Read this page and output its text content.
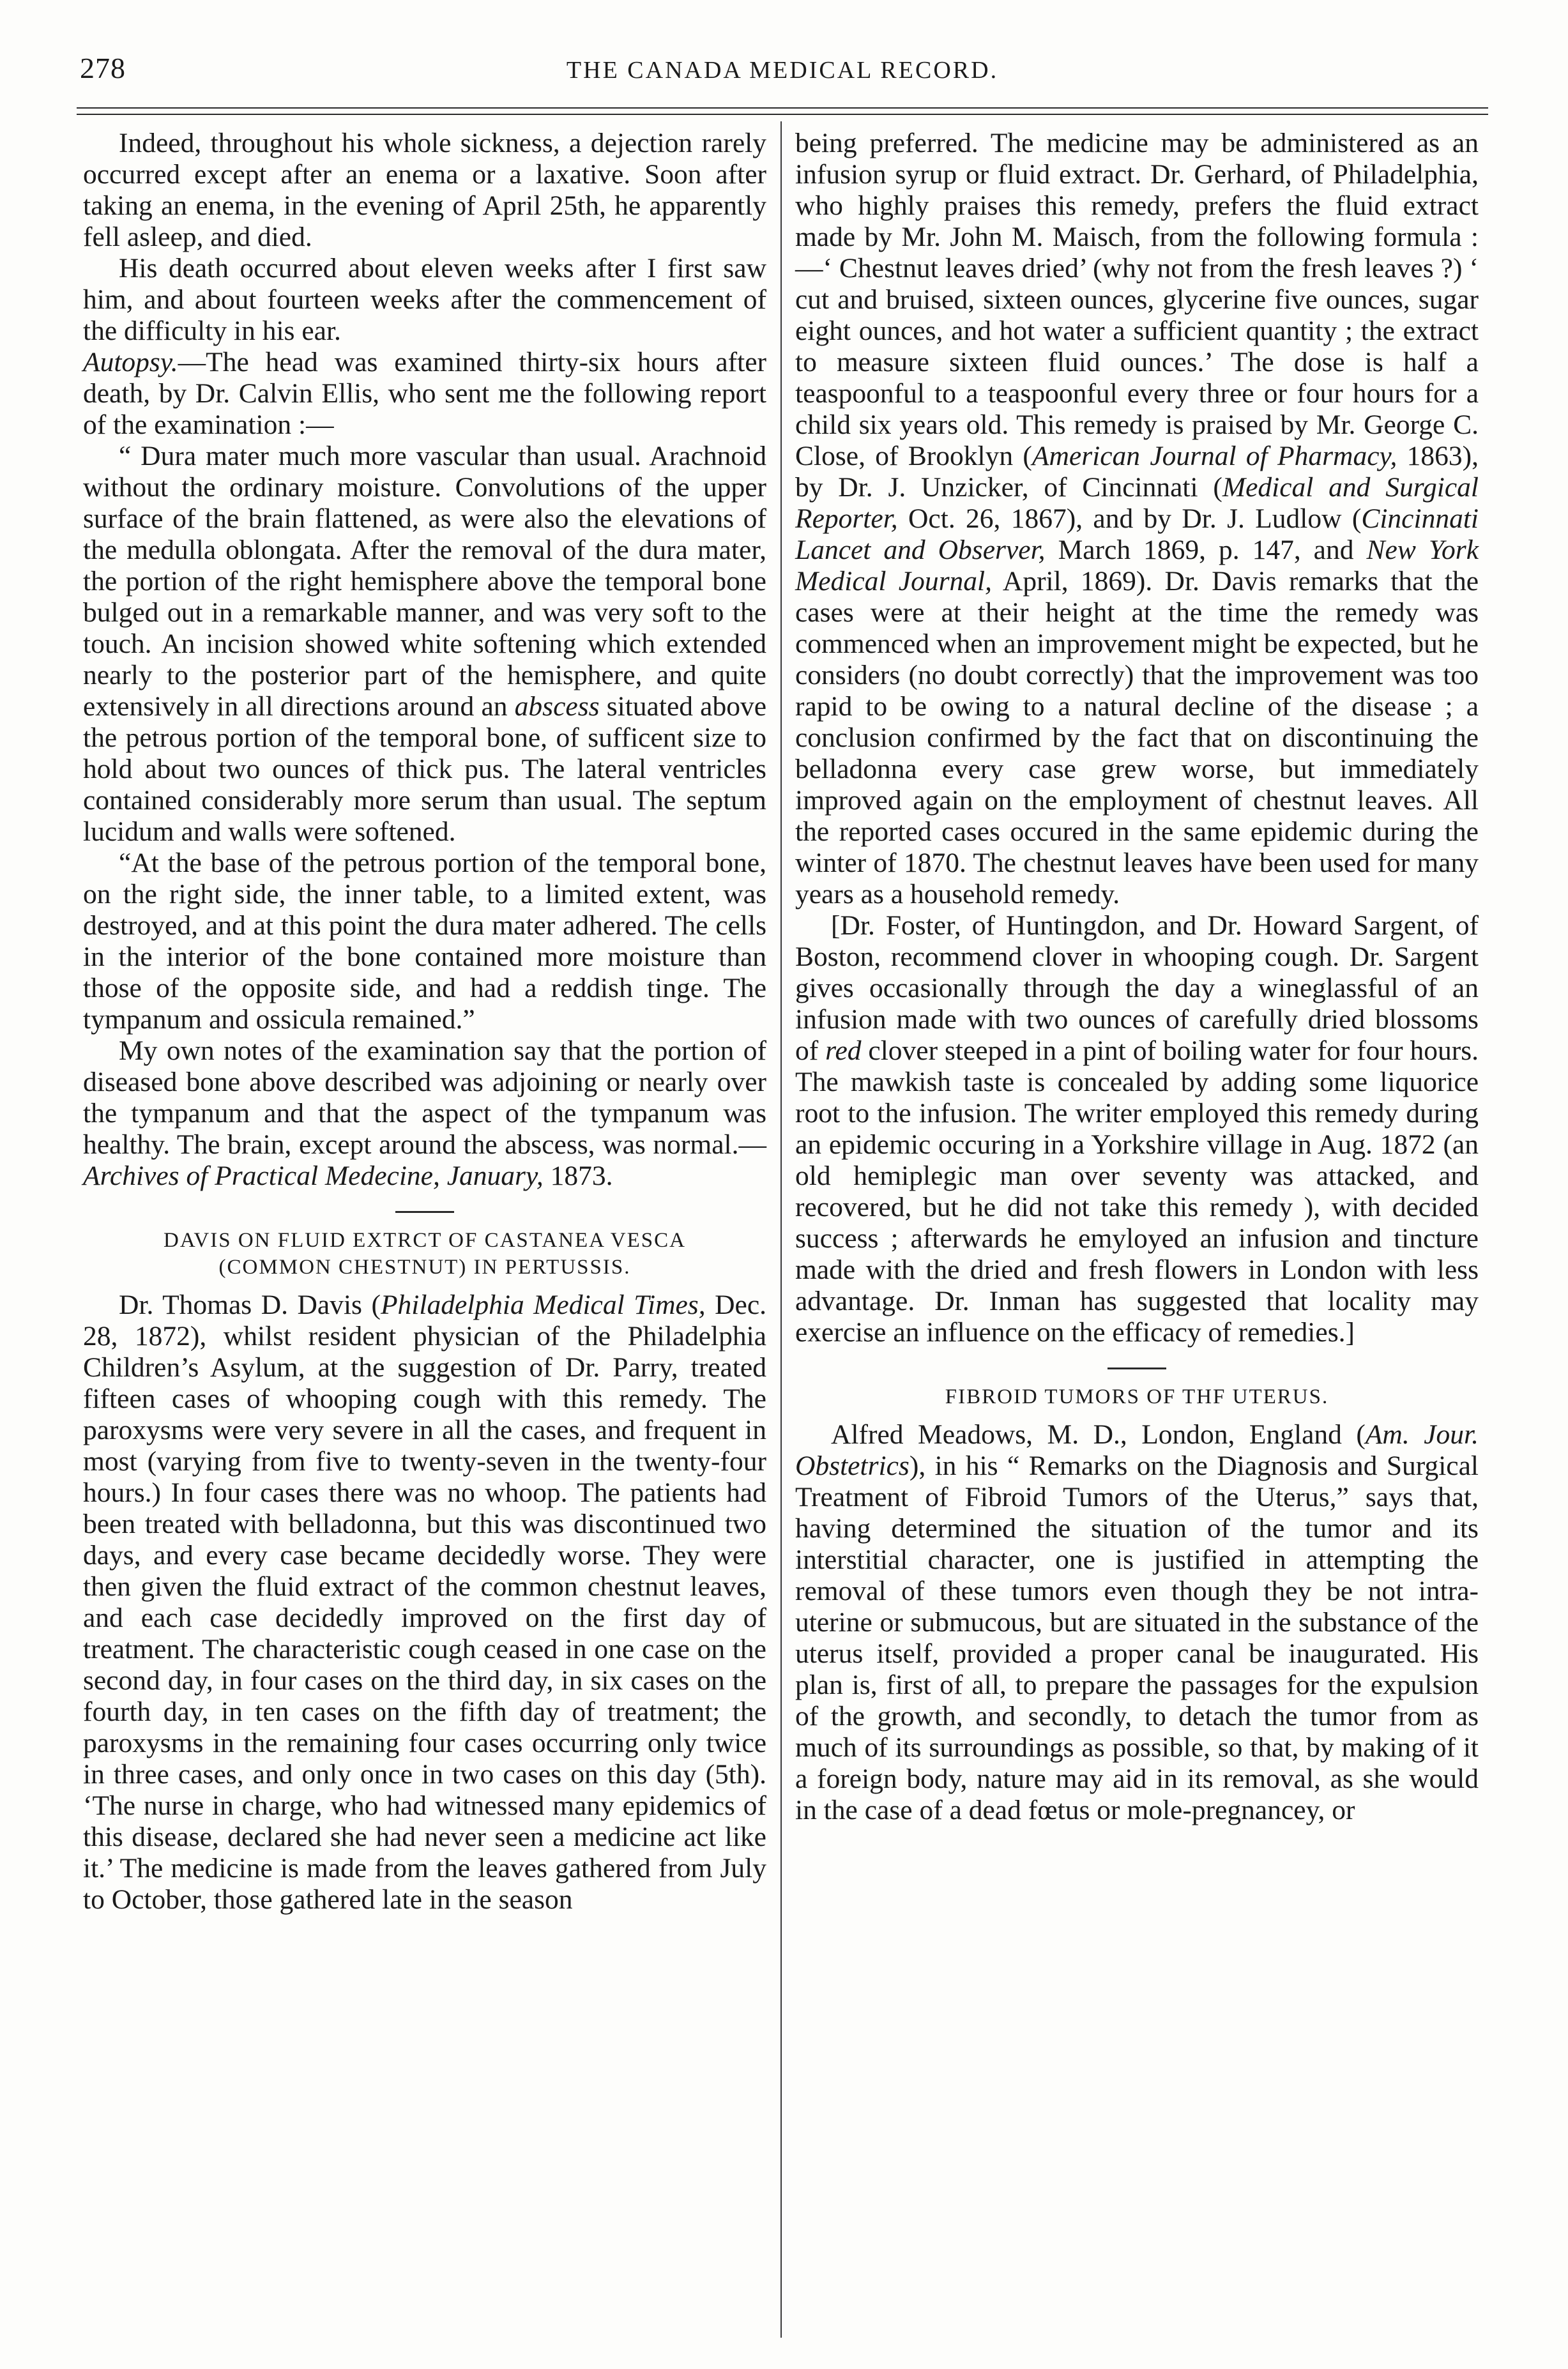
278	THE CANADA MEDICAL RECORD.

Indeed, throughout his whole sickness, a dejection rarely occurred except after an enema or a laxative. Soon after taking an enema, in the evening of April 25th, he apparently fell asleep, and died.

His death occurred about eleven weeks after I first saw him, and about fourteen weeks after the commencement of the difficulty in his ear.

Autopsy.—The head was examined thirty-six hours after death, by Dr. Calvin Ellis, who sent me the following report of the examination :—

“ Dura mater much more vascular than usual. Arachnoid without the ordinary moisture. Convolutions of the upper surface of the brain flattened, as were also the elevations of the medulla oblongata. After the removal of the dura mater, the portion of the right hemisphere above the temporal bone bulged out in a remarkable manner, and was very soft to the touch. An incision showed white softening which extended nearly to the posterior part of the hemisphere, and quite extensively in all directions around an abscess situated above the petrous portion of the temporal bone, of sufficent size to hold about two ounces of thick pus. The lateral ventricles contained considerably more serum than usual. The septum lucidum and walls were softened.

“At the base of the petrous portion of the temporal bone, on the right side, the inner table, to a limited extent, was destroyed, and at this point the dura mater adhered. The cells in the interior of the bone contained more moisture than those of the opposite side, and had a reddish tinge. The tympanum and ossicula remained.”

My own notes of the examination say that the portion of diseased bone above described was adjoining or nearly over the tympanum and that the aspect of the tympanum was healthy. The brain, except around the abscess, was normal.—Archives of Practical Medecine, January, 1873.

DAVIS ON FLUID EXTRCT OF CASTANEA VESCA
(COMMON CHESTNUT) IN PERTUSSIS.

Dr. Thomas D. Davis (Philadelphia Medical Times, Dec. 28, 1872), whilst resident physician of the Philadelphia Children’s Asylum, at the suggestion of Dr. Parry, treated fifteen cases of whooping cough with this remedy. The paroxysms were very severe in all the cases, and frequent in most (varying from five to twenty-seven in the twenty-four hours.) In four cases there was no whoop. The patients had been treated with belladonna, but this was discontinued two days, and every case became decidedly worse. They were then given the fluid extract of the common chestnut leaves, and each case decidedly improved on the first day of treatment. The characteristic cough ceased in one case on the second day, in four cases on the third day, in six cases on the fourth day, in ten cases on the fifth day of treatment; the paroxysms in the remaining four cases occurring only twice in three cases, and only once in two cases on this day (5th). ‘The nurse in charge, who had witnessed many epidemics of this disease, declared she had never seen a medicine act like it.’ The medicine is made from the leaves gathered from July to October, those gathered late in the season

being preferred. The medicine may be administered as an infusion syrup or fluid extract. Dr. Gerhard, of Philadelphia, who highly praises this remedy, prefers the fluid extract made by Mr. John M. Maisch, from the following formula :—‘ Chestnut leaves dried’ (why not from the fresh leaves ?) ‘ cut and bruised, sixteen ounces, glycerine five ounces, sugar eight ounces, and hot water a sufficient quantity ; the extract to measure sixteen fluid ounces.’ The dose is half a teaspoonful to a teaspoonful every three or four hours for a child six years old. This remedy is praised by Mr. George C. Close, of Brooklyn (American Journal of Pharmacy, 1863), by Dr. J. Unzicker, of Cincinnati (Medical and Surgical Reporter, Oct. 26, 1867), and by Dr. J. Ludlow (Cincinnati Lancet and Observer, March 1869, p. 147, and New York Medical Journal, April, 1869). Dr. Davis remarks that the cases were at their height at the time the remedy was commenced when an improvement might be expected, but he considers (no doubt correctly) that the improvement was too rapid to be owing to a natural decline of the disease ; a conclusion confirmed by the fact that on discontinuing the belladonna every case grew worse, but immediately improved again on the employment of chestnut leaves. All the reported cases occured in the same epidemic during the winter of 1870. The chestnut leaves have been used for many years as a household remedy.

[Dr. Foster, of Huntingdon, and Dr. Howard Sargent, of Boston, recommend clover in whooping cough. Dr. Sargent gives occasionally through the day a wineglassful of an infusion made with two ounces of carefully dried blossoms of red clover steeped in a pint of boiling water for four hours. The mawkish taste is concealed by adding some liquorice root to the infusion. The writer employed this remedy during an epidemic occuring in a Yorkshire village in Aug. 1872 (an old hemiplegic man over seventy was attacked, and recovered, but he did not take this remedy ), with decided success ; afterwards he emyloyed an infusion and tincture made with the dried and fresh flowers in London with less advantage. Dr. Inman has suggested that locality may exercise an influence on the efficacy of remedies.]

FIBROID TUMORS OF THF UTERUS.

Alfred Meadows, M. D., London, England (Am. Jour. Obstetrics), in his “ Remarks on the Diagnosis and Surgical Treatment of Fibroid Tumors of the Uterus,” says that, having determined the situation of the tumor and its interstitial character, one is justified in attempting the removal of these tumors even though they be not intra-uterine or submucous, but are situated in the substance of the uterus itself, provided a proper canal be inaugurated. His plan is, first of all, to prepare the passages for the expulsion of the growth, and secondly, to detach the tumor from as much of its surroundings as possible, so that, by making of it a foreign body, nature may aid in its removal, as she would in the case of a dead fœtus or mole-pregnancey, or
